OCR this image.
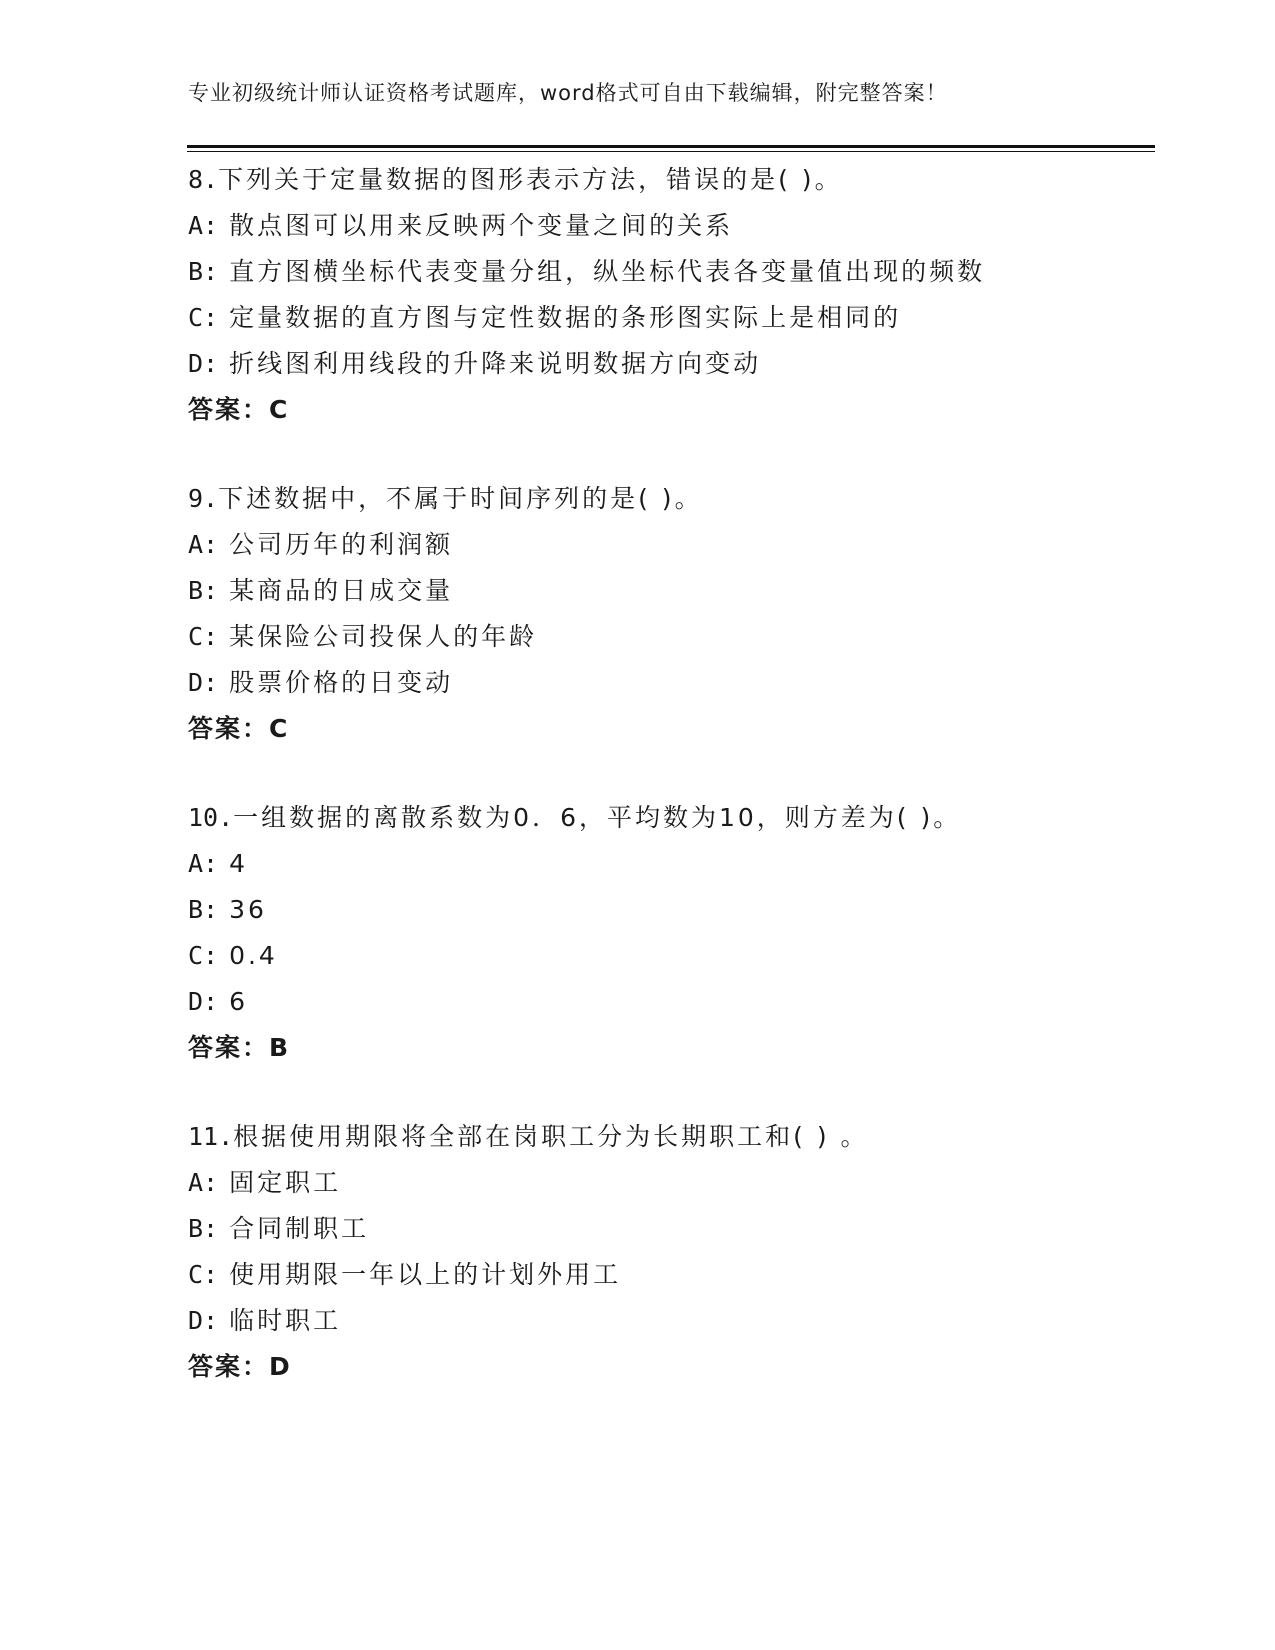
专业初级统计师认证资格考试题库，word格式可自由下载编辑，附完整答案！
8.下列关于定量数据的图形表示方法，错误的是( )。
A: 散点图可以用来反映两个变量之间的关系
B: 直方图横坐标代表变量分组，纵坐标代表各变量值出现的频数
C: 定量数据的直方图与定性数据的条形图实际上是相同的
D: 折线图利用线段的升降来说明数据方向变动
答案：C
9.下述数据中，不属于时间序列的是( )。
A: 公司历年的利润额
B: 某商品的日成交量
C: 某保险公司投保人的年龄
D: 股票价格的日变动
答案：C
10.一组数据的离散系数为0．6，平均数为10，则方差为( )。
A: 4
B: 36
C: 0.4
D: 6
答案：B
11.根据使用期限将全部在岗职工分为长期职工和( ) 。
A: 固定职工
B: 合同制职工
C: 使用期限一年以上的计划外用工
D: 临时职工
答案：D
